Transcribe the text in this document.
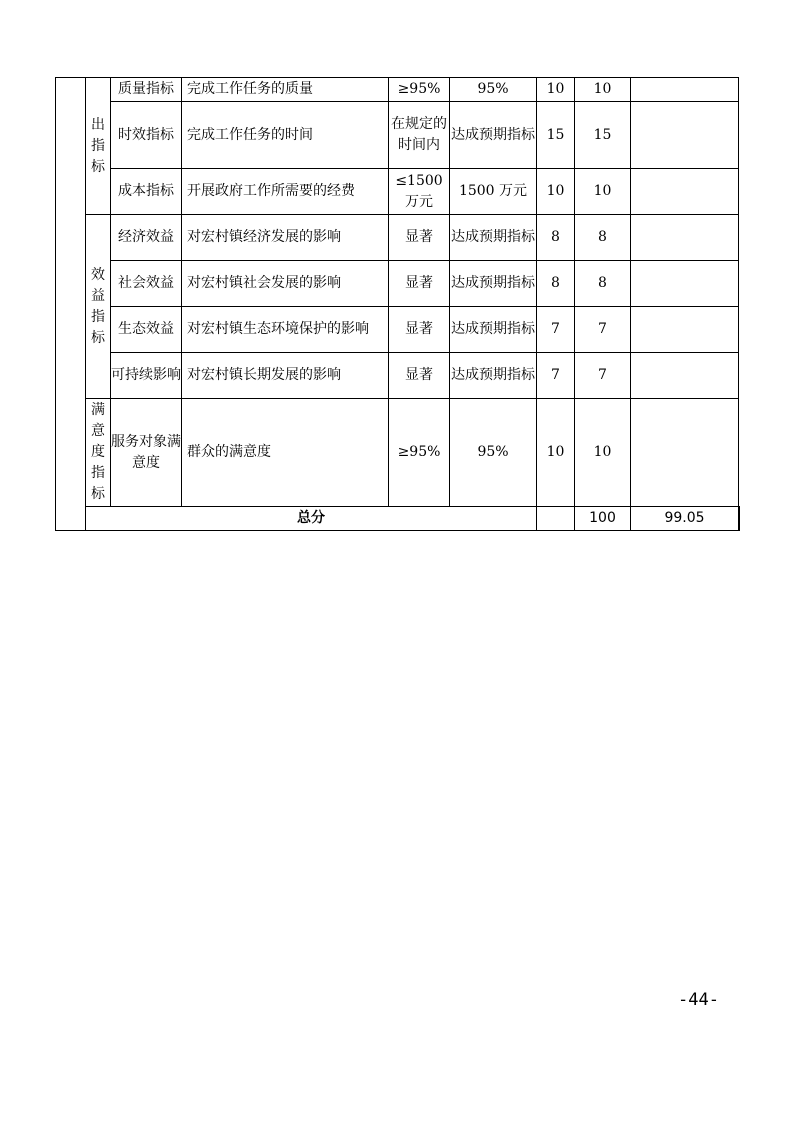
	出指标	质量指标	完成工作任务的质量	≥95%	95%	10	10		
		时效指标	完成工作任务的时间	在规定的时间内	达成预期指标	15	15		
		成本指标	开展政府工作所需要的经费	≤1500万元	1500 万元	10	10		
	效益指标	经济效益	对宏村镇经济发展的影响	显著	达成预期指标	8	8		
		社会效益	对宏村镇社会发展的影响	显著	达成预期指标	8	8		
		生态效益	对宏村镇生态环境保护的影响	显著	达成预期指标	7	7		
		可持续影响	对宏村镇长期发展的影响	显著	达成预期指标	7	7		
	满意度指标	服务对象满意度	群众的满意度	≥95%	95%	10	10		
	总分						100	99.05	
-44-
